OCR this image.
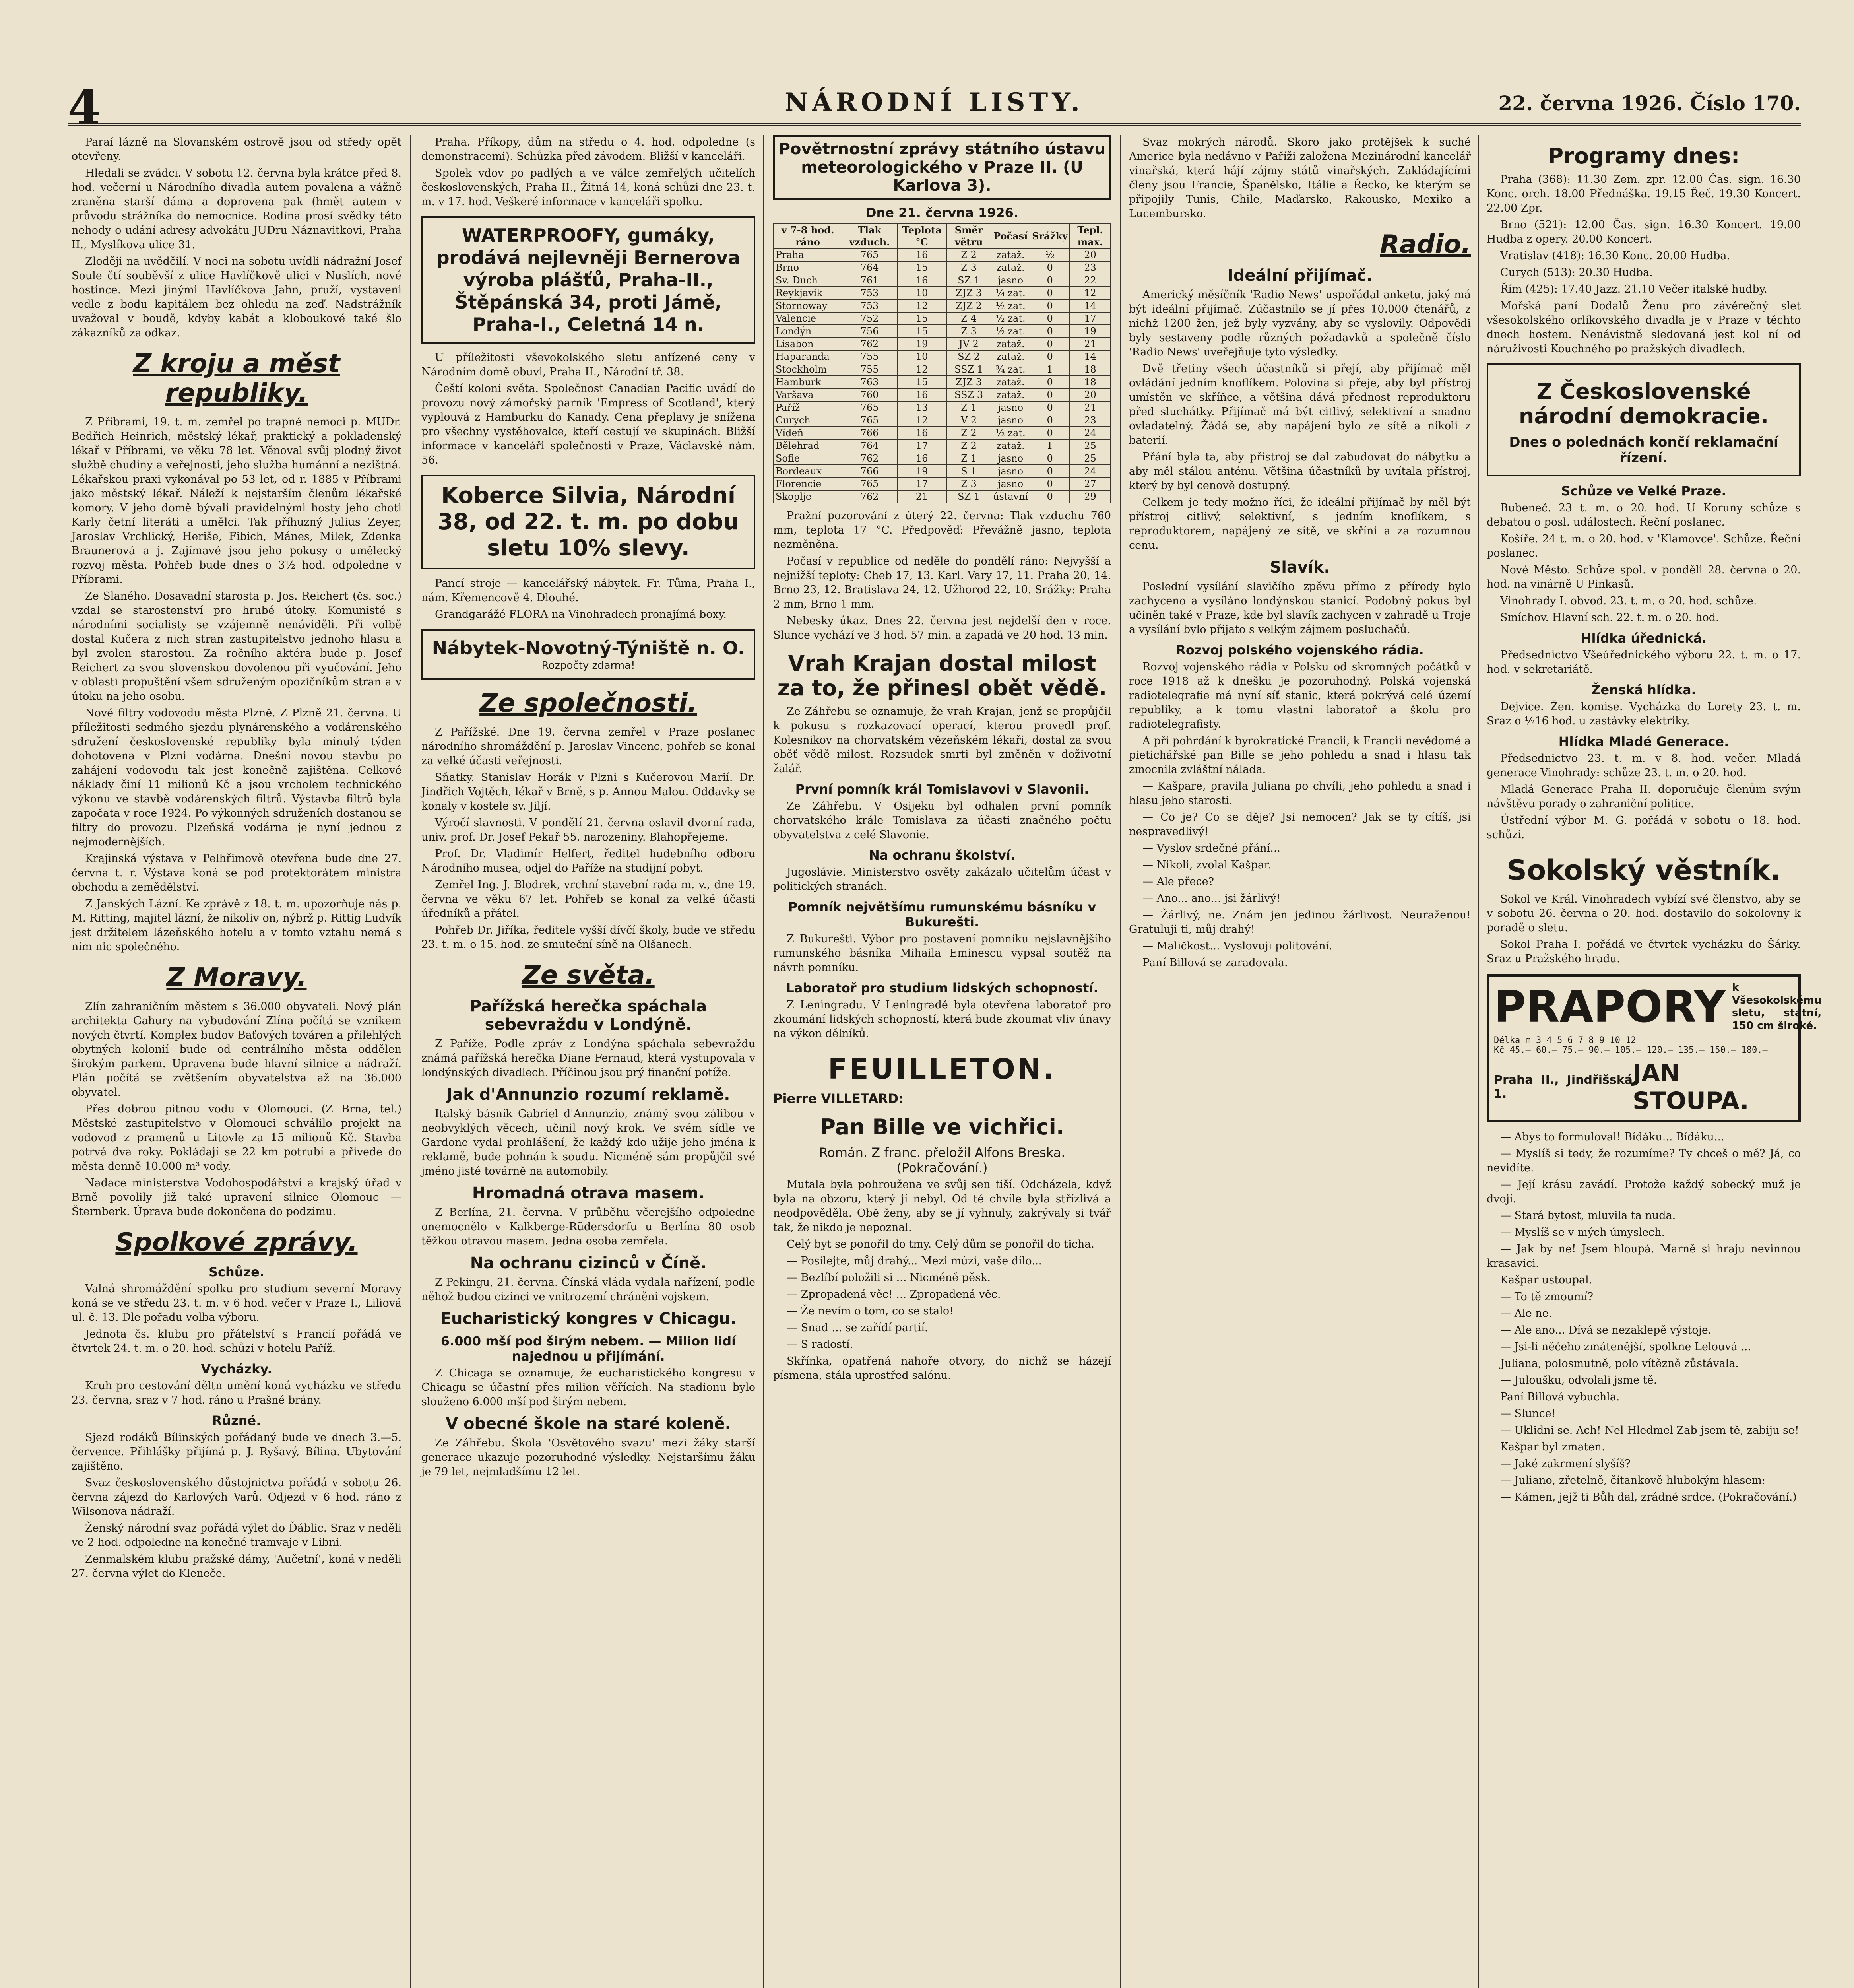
4	NÁRODNÍ LISTY.	22. června 1926. Číslo 170.

Paraí lázně na Slovanském ostrově jsou od středy opět otevřeny.

Hledali se zvádci. V sobotu 12. června byla krátce před 8. hod. večerní u Národního divadla autem povalena a vážně zraněna starší dáma a doprovena pak (hmět autem v průvodu strážníka do nemocnice. Rodina prosí svědky této nehody o udání adresy advokátu JUDru Náznavitkovi, Praha II., Myslíkova ulice 31.

Zloději na uvědčilí. V noci na sobotu uvídli nádražní Josef Soule čtí souběvší z ulice Havlíčkově ulici v Nuslích, nové hostince. Mezi jinými Havlíčkova Jahn, pruží, vystaveni vedle z bodu kapitálem bez ohledu na zeď. Nadstrážník uvažoval v boudě, kdyby kabát a kloboukové také šlo zákazníků za odkaz.

Z kroju a měst republiky.

Z Příbrami, 19. t. m. zemřel po trapné nemoci p. MUDr. Bedřich Heinrich, městský lékař, praktický a pokladenský lékař v Příbrami, ve věku 78 let. Věnoval svůj plodný život službě chudiny a veřejnosti, jeho služba humánní a nezištná. Lékařskou praxi vykonával po 53 let, od r. 1885 v Příbrami jako městský lékař. Náleží k nejstarším členům lékařské komory. V jeho domě bývali pravidelnými hosty jeho choti Karly četní literáti a umělci. Tak příhuzný Julius Zeyer, Jaroslav Vrchlický, Heriše, Fibich, Mánes, Milek, Zdenka Braunerová a j. Zajímavé jsou jeho pokusy o umělecký rozvoj města. Pohřeb bude dnes o 3½ hod. odpoledne v Příbrami.

Ze Slaného. Dosavadní starosta p. Jos. Reichert (čs. soc.) vzdal se starostenství pro hrubé útoky. Komunisté s národními socialisty se vzájemně nenáviděli. Při volbě dostal Kučera z nich stran zastupitelstvo jednoho hlasu a byl zvolen starostou. Za ročního aktéra bude p. Josef Reichert za svou slovenskou dovolenou při vyučování. Jeho v oblasti propuštění všem sdruženým opozičníkům stran a v útoku na jeho osobu.

Nové filtry vodovodu města Plzně. Z Plzně 21. června. U příležitosti sedmého sjezdu plynárenského a vodárenského sdružení československé republiky byla minulý týden dohotovena v Plzni vodárna. Dnešní novou stavbu po zahájení vodovodu tak jest konečně zajištěna. Celkové náklady činí 11 milionů Kč a jsou vrcholem technického výkonu ve stavbě vodárenských filtrů. Výstavba filtrů byla započata v roce 1924. Po výkonných sdruženích dostanou se filtry do provozu. Plzeňská vodárna je nyní jednou z nejmodernějších.

Krajinská výstava v Pelhřimově otevřena bude dne 27. června t. r. Výstava koná se pod protektorátem ministra obchodu a zemědělství.

Z Janských Lázní. Ke zprávě z 18. t. m. upozorňuje nás p. M. Ritting, majitel lázní, že nikoliv on, nýbrž p. Rittig Ludvík jest držitelem lázeňského hotelu a v tomto vztahu nemá s ním nic společného.

Z Moravy.

Zlín zahraničním městem s 36.000 obyvateli. Nový plán architekta Gahury na vybudování Zlína počítá se vznikem nových čtvrtí. Komplex budov Baťových továren a přilehlých obytných kolonií bude od centrálního města oddělen širokým parkem. Upravena bude hlavní silnice a nádraží. Plán počítá se zvětšením obyvatelstva až na 36.000 obyvatel.

Přes dobrou pitnou vodu v Olomouci. (Z Brna, tel.) Městské zastupitelstvo v Olomouci schválilo projekt na vodovod z pramenů u Litovle za 15 milionů Kč. Stavba potrvá dva roky. Pokládají se 22 km potrubí a přivede do města denně 10.000 m³ vody.

Nadace ministerstva Vodohospodářství a krajský úřad v Brně povolily již také upravení silnice Olomouc — Šternberk. Úprava bude dokončena do podzimu.

Spolkové zprávy.
Schůze.

Valná shromáždění spolku pro studium severní Moravy koná se ve středu 23. t. m. v 6 hod. večer v Praze I., Liliová ul. č. 13. Dle pořadu volba výboru.

Jednota čs. klubu pro přátelství s Francií pořádá ve čtvrtek 24. t. m. o 20. hod. schůzi v hotelu Paříž.

Vycházky.

Kruh pro cestování děltn umění koná vycházku ve středu 23. června, sraz v 7 hod. ráno u Prašné brány.

Různé.

Sjezd rodáků Bílinských pořádaný bude ve dnech 3.—5. července. Přihlášky přijímá p. J. Ryšavý, Bílina. Ubytování zajištěno.

Svaz československého důstojnictva pořádá v sobotu 26. června zájezd do Karlových Varů. Odjezd v 6 hod. ráno z Wilsonova nádraží.

Ženský národní svaz pořádá výlet do Ďáblic. Sraz v neděli ve 2 hod. odpoledne na konečné tramvaje v Libni.

Zenmalském klubu pražské dámy, 'Aučetní', koná v neděli 27. června výlet do Kleneče.

Praha. Příkopy, dům na středu o 4. hod. odpoledne (s demonstracemi). Schůzka před závodem. Bližší v kanceláři.

Spolek vdov po padlých a ve válce zemřelých učitelích československých, Praha II., Žitná 14, koná schůzi dne 23. t. m. v 17. hod. Veškeré informace v kanceláři spolku.

WATERPROOFY, gumáky, prodává nejlevněji Bernerova výroba plášťů, Praha-II., Štěpánská 34, proti Jámě, Praha-I., Celetná 14 n.

U příležitosti vševokolského sletu anfízené ceny v Národním domě obuvi, Praha II., Národní tř. 38.

Čeští koloni světa. Společnost Canadian Pacific uvádí do provozu nový zámořský parník 'Empress of Scotland', který vyplouvá z Hamburku do Kanady. Cena přeplavy je snížena pro všechny vystěhovalce, kteří cestují ve skupinách. Bližší informace v kanceláři společnosti v Praze, Václavské nám. 56.

Koberce Silvia, Národní 38, od 22. t. m. po dobu sletu 10% slevy.

Pancí stroje — kancelářský nábytek. Fr. Tůma, Praha I., nám. Křemencově 4. Dlouhé.

Grandgarážé FLORA na Vinohradech pronajímá boxy.

Nábytek-Novotný-Týniště n. O.
Rozpočty zdarma!
Ze společnosti.

Z Pařížské. Dne 19. června zemřel v Praze poslanec národního shromáždění p. Jaroslav Vincenc, pohřeb se konal za velké účasti veřejnosti.

Sňatky. Stanislav Horák v Plzni s Kučerovou Marií. Dr. Jindřich Vojtěch, lékař v Brně, s p. Annou Malou. Oddavky se konaly v kostele sv. Jiljí.

Výročí slavnosti. V pondělí 21. června oslavil dvorní rada, univ. prof. Dr. Josef Pekař 55. narozeniny. Blahopřejeme.

Prof. Dr. Vladimír Helfert, ředitel hudebního odboru Národního musea, odjel do Paříže na studijní pobyt.

Zemřel Ing. J. Blodrek, vrchní stavební rada m. v., dne 19. června ve věku 67 let. Pohřeb se konal za velké účasti úředníků a přátel.

Pohřeb Dr. Jiříka, ředitele vyšší dívčí školy, bude ve středu 23. t. m. o 15. hod. ze smuteční síně na Olšanech.

Ze světa.
Pařížská herečka spáchala sebevraždu v Londýně.

Z Paříže. Podle zpráv z Londýna spáchala sebevraždu známá pařížská herečka Diane Fernaud, která vystupovala v londýnských divadlech. Příčinou jsou prý finanční potíže.

Jak d'Annunzio rozumí reklamě.

Italský básník Gabriel d'Annunzio, známý svou zálibou v neobvyklých věcech, učinil nový krok. Ve svém sídle ve Gardone vydal prohlášení, že každý kdo užije jeho jména k reklamě, bude pohnán k soudu. Nicméně sám propůjčil své jméno jisté továrně na automobily.

Hromadná otrava masem.

Z Berlína, 21. června. V průběhu včerejšího odpoledne onemocnělo v Kalkberge-Rüdersdorfu u Berlína 80 osob těžkou otravou masem. Jedna osoba zemřela.

Na ochranu cizinců v Číně.

Z Pekingu, 21. června. Čínská vláda vydala nařízení, podle něhož budou cizinci ve vnitrozemí chráněni vojskem.

Eucharistický kongres v Chicagu.
6.000 mší pod širým nebem. — Milion lidí najednou u přijímání.

Z Chicaga se oznamuje, že eucharistického kongresu v Chicagu se účastní přes milion věřících. Na stadionu bylo slouženo 6.000 mší pod širým nebem.

V obecné škole na staré koleně.

Ze Záhřebu. Škola 'Osvětového svazu' mezi žáky starší generace ukazuje pozoruhodné výsledky. Nejstaršímu žáku je 79 let, nejmladšímu 12 let.

Povětrnostní zprávy státního ústavu meteorologického v Praze II. (U Karlova 3).
Dne 21. června 1926.
v 7-8 hod. ráno	Tlak vzduch.	Teplota °C	Směr větru	Počasí	Srážky	Tepl. max.
Praha	765	16	Z 2	zataž.	½	20
Brno	764	15	Z 3	zataž.	0	23
Sv. Duch	761	16	SZ 1	jasno	0	22
Reykjavík	753	10	ZJZ 3	¼ zat.	0	12
Stornoway	753	12	ZJZ 2	½ zat.	0	14
Valencie	752	15	Z 4	½ zat.	0	17
Londýn	756	15	Z 3	½ zat.	0	19
Lisabon	762	19	JV 2	zataž.	0	21
Haparanda	755	10	SZ 2	zataž.	0	14
Stockholm	755	12	SSZ 1	¾ zat.	1	18
Hamburk	763	15	ZJZ 3	zataž.	0	18
Varšava	760	16	SSZ 3	zataž.	0	20
Paříž	765	13	Z 1	jasno	0	21
Curych	765	12	V 2	jasno	0	23
Vídeň	766	16	Z 2	½ zat.	0	24
Bělehrad	764	17	Z 2	zataž.	1	25
Sofie	762	16	Z 1	jasno	0	25
Bordeaux	766	19	S 1	jasno	0	24
Florencie	765	17	Z 3	jasno	0	27
Skoplje	762	21	SZ 1	ústavní	0	29

Pražní pozorování z úterý 22. června: Tlak vzduchu 760 mm, teplota 17 °C. Předpověď: Převážně jasno, teplota nezměněna.

Počasí v republice od neděle do pondělí ráno: Nejvyšší a nejnižší teploty: Cheb 17, 13. Karl. Vary 17, 11. Praha 20, 14. Brno 23, 12. Bratislava 24, 12. Užhorod 22, 10. Srážky: Praha 2 mm, Brno 1 mm.

Nebesky úkaz. Dnes 22. června jest nejdelší den v roce. Slunce vychází ve 3 hod. 57 min. a zapadá ve 20 hod. 13 min.

Vrah Krajan dostal milost za to, že přinesl obět vědě.

Ze Záhřebu se oznamuje, že vrah Krajan, jenž se propůjčil k pokusu s rozkazovací operací, kterou provedl prof. Kolesnikov na chorvatském vězeňském lékaři, dostal za svou oběť vědě milost. Rozsudek smrti byl změněn v doživotní žalář.

První pomník král Tomislavovi v Slavonii.

Ze Záhřebu. V Osijeku byl odhalen první pomník chorvatského krále Tomislava za účasti značného počtu obyvatelstva z celé Slavonie.

Na ochranu školství.

Jugoslávie. Ministerstvo osvěty zakázalo učitelům účast v politických stranách.

Pomník největšímu rumunskému básníku v Bukurešti.

Z Bukurešti. Výbor pro postavení pomníku nejslavnějšího rumunského básníka Mihaila Eminescu vypsal soutěž na návrh pomníku.

Laboratoř pro studium lidských schopností.

Z Leningradu. V Leningradě byla otevřena laboratoř pro zkoumání lidských schopností, která bude zkoumat vliv únavy na výkon dělníků.

FEUILLETON.
Pierre VILLETARD:
Pan Bille ve vichřici.
Román. Z franc. přeložil Alfons Breska. (Pokračování.)

Mutala byla pohroužena ve svůj sen tiší. Odcházela, když byla na obzoru, který jí nebyl. Od té chvíle byla střízlivá a neodpověděla. Obě ženy, aby se jí vyhnuly, zakrývaly si tvář tak, že nikdo je nepoznal.

Celý byt se ponořil do tmy. Celý dům se ponořil do ticha.

— Posílejte, můj drahý... Mezi múzi, vaše dílo...

— Bezlíbí položili si ... Nicméně pěsk.

— Zpropadená věc! ... Zpropadená věc.

— Že nevím o tom, co se stalo!

— Snad ... se zařídí partií.

— S radostí.

Skřínka, opatřená nahoře otvory, do nichž se házejí písmena, stála uprostřed salónu.

Svaz mokrých národů. Skoro jako protějšek k suché Americe byla nedávno v Paříži založena Mezinárodní kancelář vinařská, která hájí zájmy států vinařských. Zakládajícími členy jsou Francie, Španělsko, Itálie a Řecko, ke kterým se připojily Tunis, Chile, Maďarsko, Rakousko, Mexiko a Lucembursko.

Radio.
Ideální přijímač.

Americký měsíčník 'Radio News' uspořádal anketu, jaký má být ideální přijímač. Zúčastnilo se jí přes 10.000 čtenářů, z nichž 1200 žen, jež byly vyzvány, aby se vyslovily. Odpovědi byly sestaveny podle různých požadavků a společně číslo 'Radio News' uveřejňuje tyto výsledky.

Dvě třetiny všech účastníků si přejí, aby přijímač měl ovládání jedním knoflíkem. Polovina si přeje, aby byl přístroj umístěn ve skříňce, a většina dává přednost reproduktoru před sluchátky. Přijímač má být citlivý, selektivní a snadno ovladatelný. Žádá se, aby napájení bylo ze sítě a nikoli z baterií.

Přání byla ta, aby přístroj se dal zabudovat do nábytku a aby měl stálou anténu. Většina účastníků by uvítala přístroj, který by byl cenově dostupný.

Celkem je tedy možno říci, že ideální přijímač by měl být přístroj citlivý, selektivní, s jedním knoflíkem, s reproduktorem, napájený ze sítě, ve skříni a za rozumnou cenu.

Slavík.

Poslední vysílání slavičího zpěvu přímo z přírody bylo zachyceno a vysíláno londýnskou stanicí. Podobný pokus byl učiněn také v Praze, kde byl slavík zachycen v zahradě u Troje a vysílání bylo přijato s velkým zájmem posluchačů.

Rozvoj polského vojenského rádia.

Rozvoj vojenského rádia v Polsku od skromných počátků v roce 1918 až k dnešku je pozoruhodný. Polská vojenská radiotelegrafie má nyní síť stanic, která pokrývá celé území republiky, a k tomu vlastní laboratoř a školu pro radiotelegrafisty.

A při pohrdání k byrokratické Francii, k Francii nevědomé a pietichářské pan Bille se jeho pohledu a snad i hlasu tak zmocnila zvláštní nálada.

— Kašpare, pravila Juliana po chvíli, jeho pohledu a snad i hlasu jeho starosti.

— Co je? Co se děje? Jsi nemocen? Jak se ty cítíš, jsi nespravedlivý!

— Vyslov srdečné přání...

— Nikoli, zvolal Kašpar.

— Ale přece?

— Ano... ano... jsi žárlivý!

— Žárlivý, ne. Znám jen jedinou žárlivost. Neuraženou! Gratuluji ti, můj drahý!

— Maličkost... Vyslovuji politování.

Paní Billová se zaradovala.

Programy dnes:

Praha (368): 11.30 Zem. zpr. 12.00 Čas. sign. 16.30 Konc. orch. 18.00 Přednáška. 19.15 Řeč. 19.30 Koncert. 22.00 Zpr.

Brno (521): 12.00 Čas. sign. 16.30 Koncert. 19.00 Hudba z opery. 20.00 Koncert.

Vratislav (418): 16.30 Konc. 20.00 Hudba.

Curych (513): 20.30 Hudba.

Řím (425): 17.40 Jazz. 21.10 Večer italské hudby.

Mořská paní Dodalů Ženu pro závěrečný slet všesokolského orlíkovského divadla je v Praze v těchto dnech hostem. Nenávistně sledovaná jest kol ní od náruživosti Kouchného po pražských divadlech.

Z Československé národní demokracie.
Dnes o polednách končí reklamační řízení.
Schůze ve Velké Praze.

Bubeneč. 23 t. m. o 20. hod. U Koruny schůze s debatou o posl. událostech. Řeční poslanec.

Košíře. 24 t. m. o 20. hod. v 'Klamovce'. Schůze. Řeční poslanec.

Nové Město. Schůze spol. v ponděli 28. června o 20. hod. na vinárně U Pinkasů.

Vinohrady I. obvod. 23. t. m. o 20. hod. schůze.

Smíchov. Hlavní sch. 22. t. m. o 20. hod.

Hlídka úřednická.

Předsednictvo Všeúřednického výboru 22. t. m. o 17. hod. v sekretariátě.

Ženská hlídka.

Dejvice. Žen. komise. Vycházka do Lorety 23. t. m. Sraz o ½16 hod. u zastávky elektriky.

Hlídka Mladé Generace.

Předsednictvo 23. t. m. v 8. hod. večer. Mladá generace Vinohrady: schůze 23. t. m. o 20. hod.

Mladá Generace Praha II. doporučuje členům svým návštěvu porady o zahraniční politice.

Ústřední výbor M. G. pořádá v sobotu o 18. hod. schůzi.

Sokolský věstník.

Sokol ve Král. Vinohradech vybízí své členstvo, aby se v sobotu 26. června o 20. hod. dostavilo do sokolovny k poradě o sletu.

Sokol Praha I. pořádá ve čtvrtek vycházku do Šárky. Sraz u Pražského hradu.

PRAPORY k Všesokolskému sletu, státní, 150 cm široké.
Délka m 3 4 5 6 7 8 9 10 12
Kč 45.— 60.— 75.— 90.— 105.— 120.— 135.— 150.— 180.—
Praha II., Jindřišská 1.
JAN STOUPA.

— Abys to formuloval! Bídáku... Bídáku...

— Myslíš si tedy, že rozumíme? Ty chceš o mě? Já, co nevidíte.

— Její krásu zavádí. Protože každý sobecký muž je dvojí.

— Stará bytost, mluvila ta nuda.

— Myslíš se v mých úmyslech.

— Jak by ne! Jsem hloupá. Marně si hraju nevinnou krasavici.

Kašpar ustoupal.

— To tě zmoumí?

— Ale ne.

— Ale ano... Dívá se nezaklepě výstoje.

— Jsi-li něčeho zmátenější, spolkne Lelouvá ...

Juliana, polosmutně, polo vítězně zůstávala.

— Juloušku, odvolali jsme tě.

Paní Billová vybuchla.

— Slunce!

— Uklidni se. Ach! Nel Hledmel Zab jsem tě, zabiju se!

Kašpar byl zmaten.

— Jaké zakrmení slyšíš?

— Juliano, zřetelně, čítankově hlubokým hlasem:

— Kámen, jejž ti Bůh dal, zrádné srdce. (Pokračování.)
